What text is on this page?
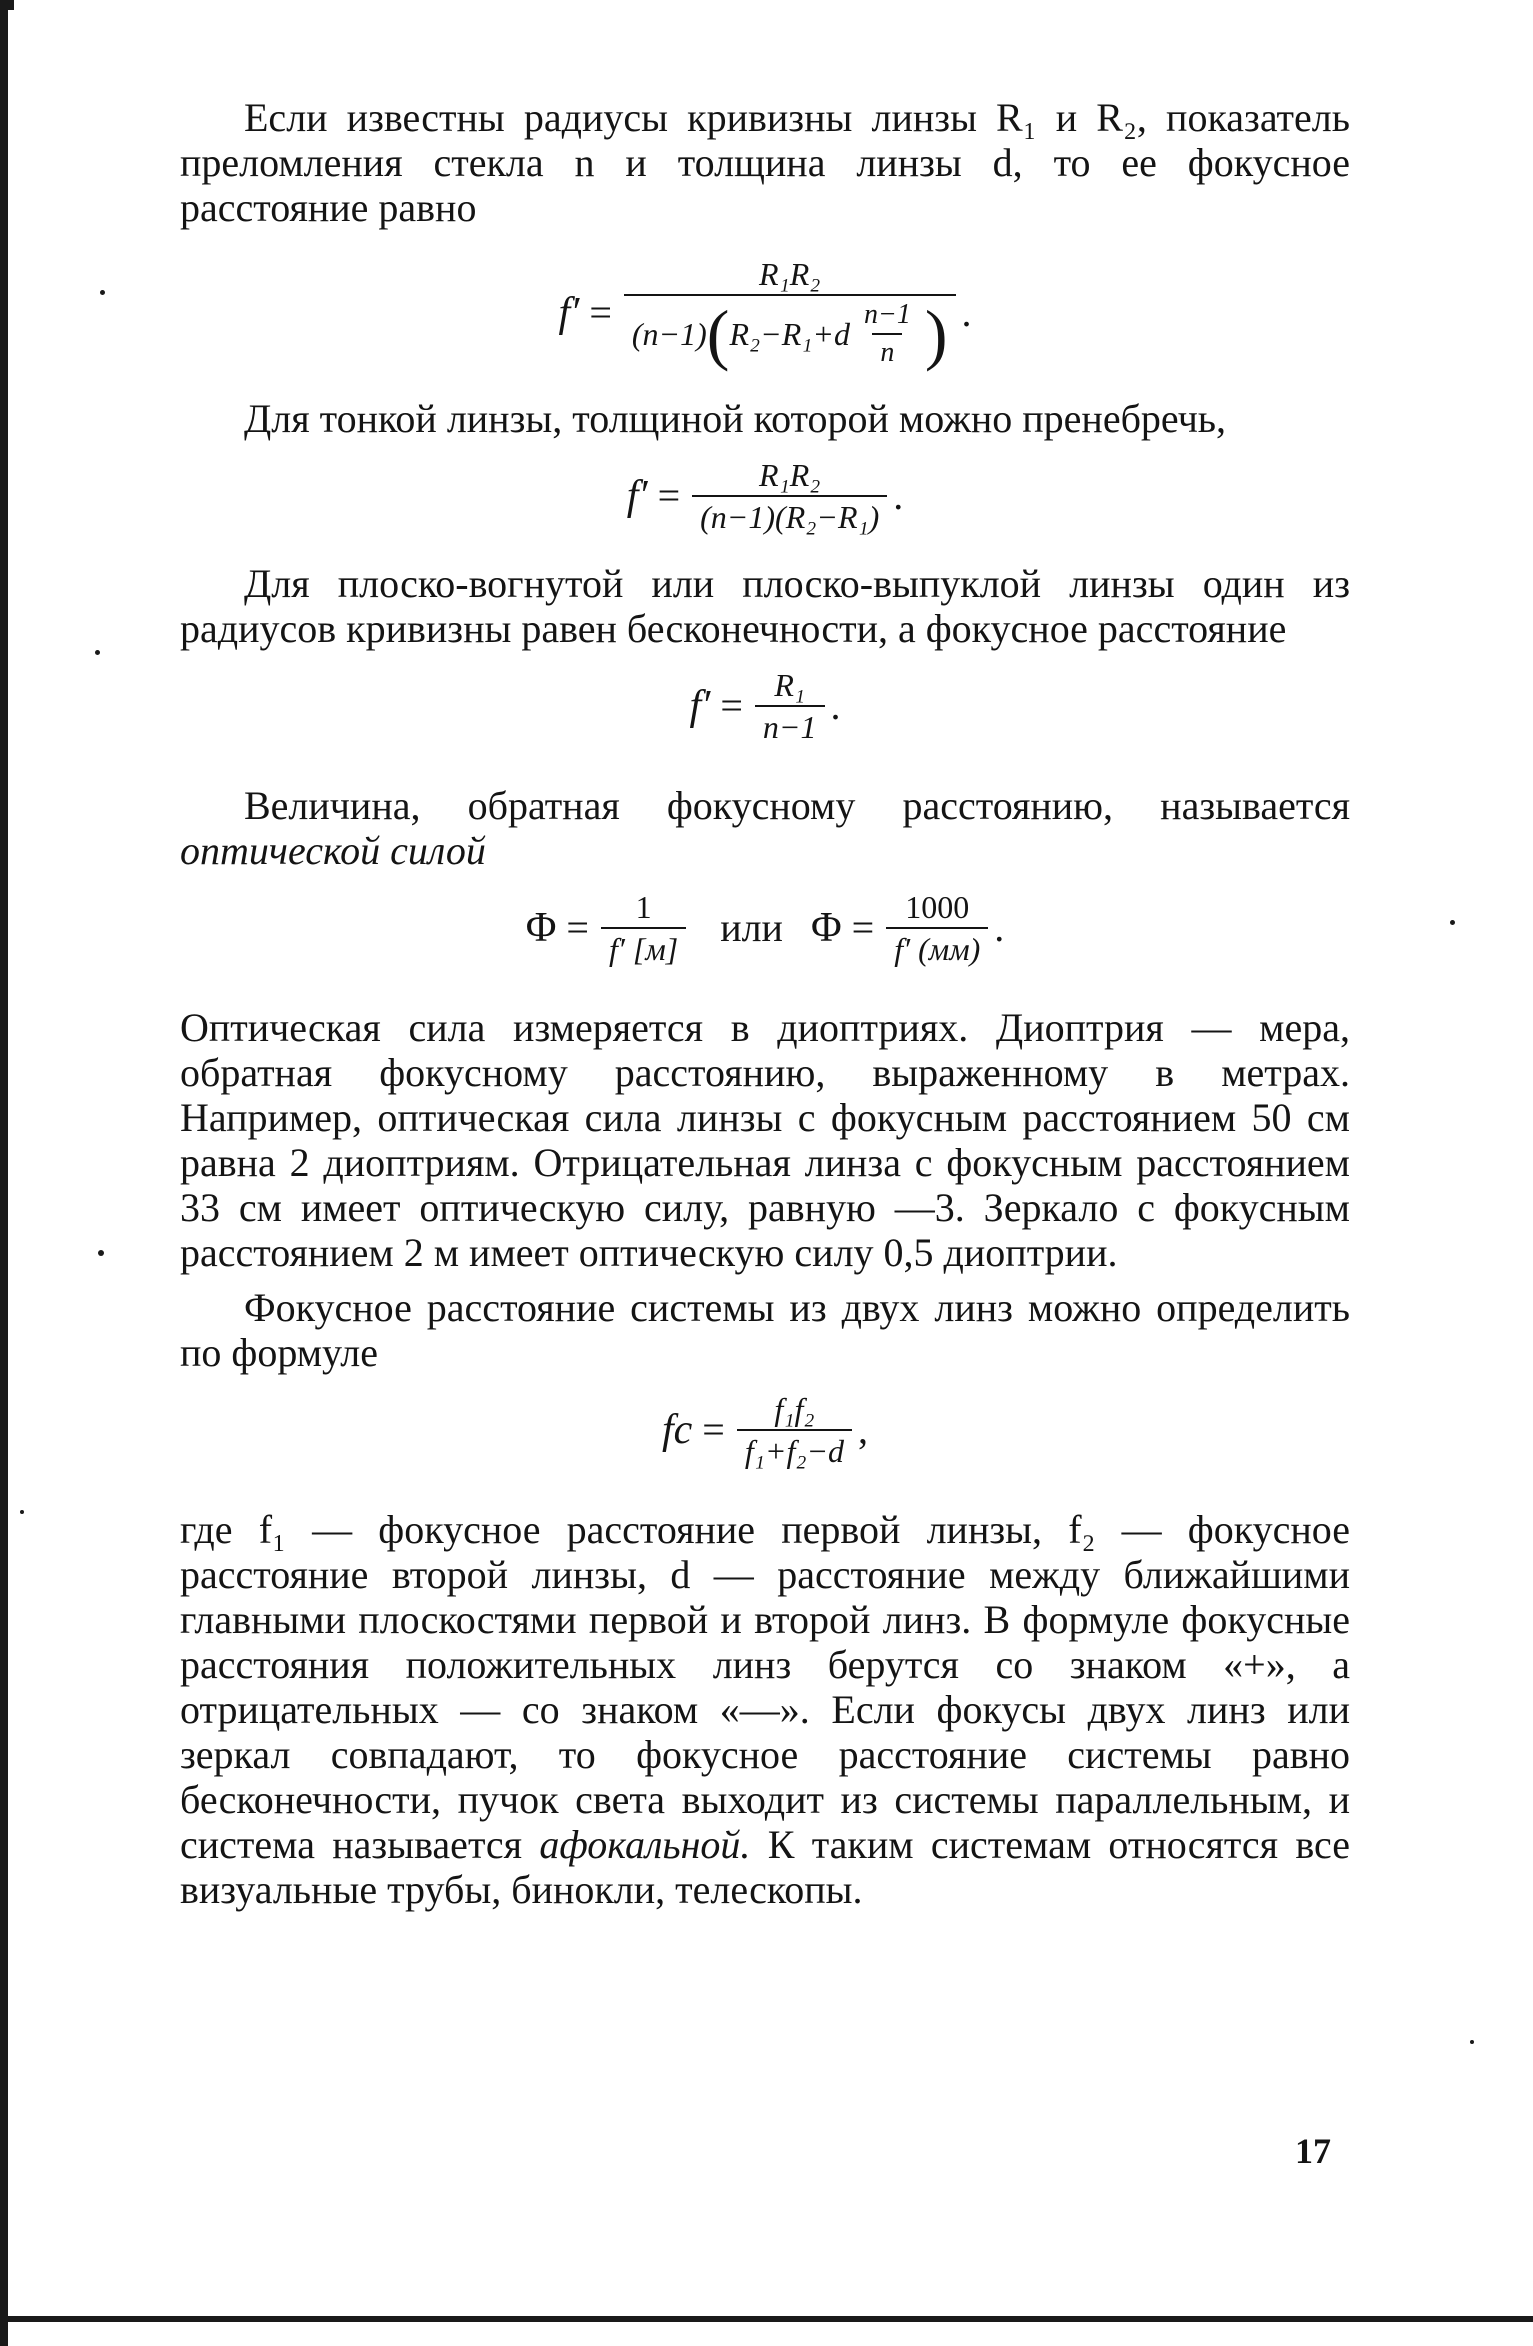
Если известны радиусы кривизны линзы R₁ и R₂, показатель преломления стекла n и толщина линзы d, то ее фокусное расстояние равно

f′ =
R₁R₂
(n−1) ( $R_2-R_1+d \frac{n-1}{n}$ ) .

Для тонкой линзы, толщиной которой можно пренебречь,

$f' = \frac{\text{R₁R₂}}{\text{(n−1)(R₂−R₁)}}$ .

Для плоско-вогнутой или плоско-выпуклой линзы один из радиусов кривизны равен бесконечности, а фокусное расстояние

$f' = \frac{\text{R₁}}{n-1}$ .

Величина, обратная фокусному расстоянию, называется оптической силой

$\Phi = \frac{1}{f' [м]}$ или $\Phi = \frac{1000}{f' (мм)}$ .

Оптическая сила измеряется в диоптриях. Диоптрия — мера, обратная фокусному расстоянию, выраженному в метрах. Например, оптическая сила линзы с фокусным расстоянием 50 см равна 2 диоптриям. Отрицательная линза с фокусным расстоянием 33 см имеет оптическую силу, равную —3. Зеркало с фокусным расстоянием 2 м имеет оптическую силу 0,5 диоптрии.

Фокусное расстояние системы из двух линз можно определить по формуле

fс = $\frac{\text{f₁f₂}}{\text{f₁+f₂−d}}$ ,

где f₁ — фокусное расстояние первой линзы, f₂ — фокусное расстояние второй линзы, d — расстояние между ближайшими главными плоскостями первой и второй линз. В формуле фокусные расстояния положительных линз берутся со знаком «+», а отрицательных — со знаком «—». Если фокусы двух линз или зеркал совпадают, то фокусное расстояние системы равно бесконечности, пучок света выходит из системы параллельным, и система называется афокальной. К таким системам относятся все визуальные трубы, бинокли, телескопы.

17
